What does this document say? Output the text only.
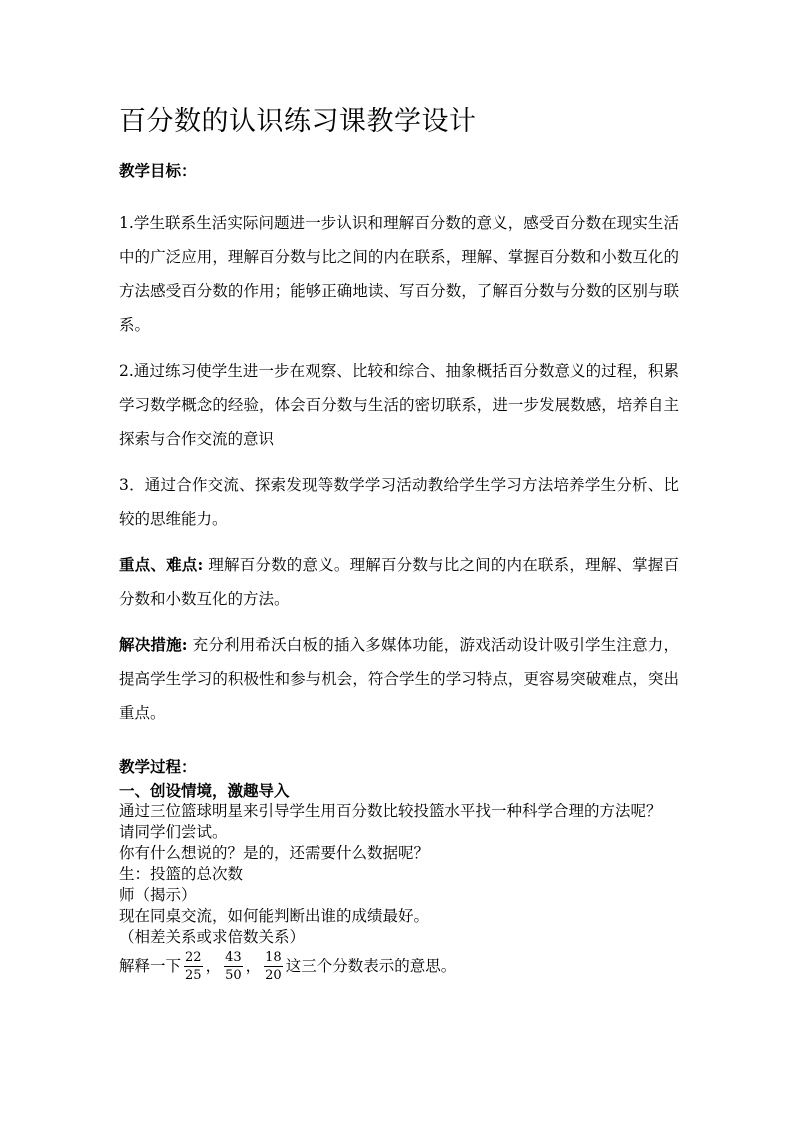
百分数的认识练习课教学设计
教学目标：

1.学生联系生活实际问题进一步认识和理解百分数的意义，感受百分数在现实生活中的广泛应用，理解百分数与比之间的内在联系，理解、掌握百分数和小数互化的方法感受百分数的作用；能够正确地读、写百分数，了解百分数与分数的区别与联系。

2.通过练习使学生进一步在观察、比较和综合、抽象概括百分数意义的过程，积累学习数学概念的经验，体会百分数与生活的密切联系，进一步发展数感，培养自主探索与合作交流的意识

3．通过合作交流、探索发现等数学学习活动教给学生学习方法培养学生分析、比较的思维能力。

重点、难点: 理解百分数的意义。理解百分数与比之间的内在联系，理解、掌握百分数和小数互化的方法。

解决措施: 充分利用希沃白板的插入多媒体功能，游戏活动设计吸引学生注意力，提高学生学习的积极性和参与机会，符合学生的学习特点，更容易突破难点，突出重点。

教学过程：
一、创设情境，激趣导入
通过三位篮球明星来引导学生用百分数比较投篮水平找一种科学合理的方法呢？
请同学们尝试。
你有什么想说的？是的，还需要什么数据呢？
生：投篮的总次数
师（揭示）
现在同桌交流，如何能判断出谁的成绩最好。
（相差关系或求倍数关系）
解释一下 $\frac{22}{25}$ ， $\frac{43}{50}$ ， $\frac{18}{20}$ 这三个分数表示的意思。
